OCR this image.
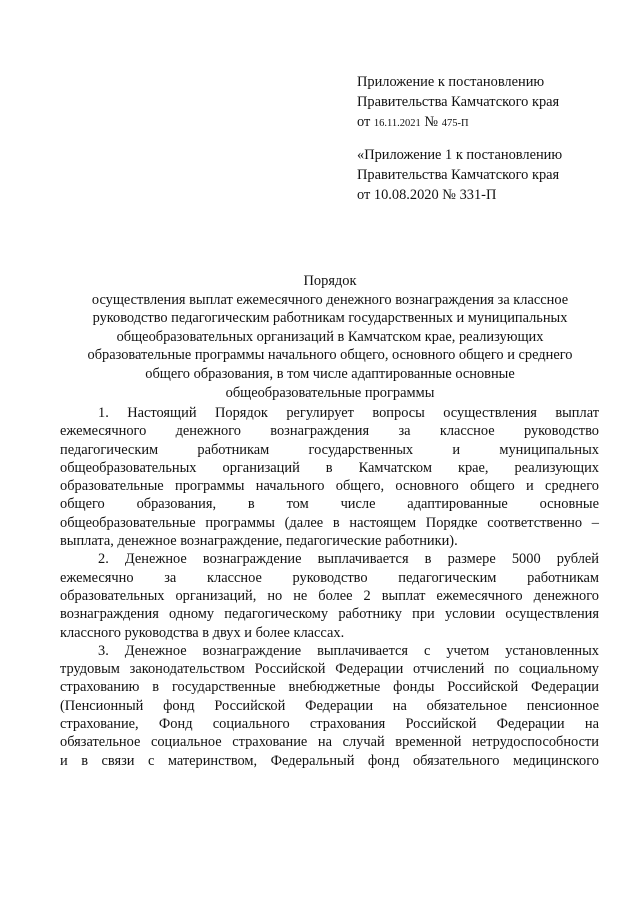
Приложение к постановлению
Правительства Камчатского края
от 16.11.2021 № 475-П
«Приложение 1 к постановлению
Правительства Камчатского края
от 10.08.2020 № 331-П
Порядок
осуществления выплат ежемесячного денежного вознаграждения за классное
руководство педагогическим работникам государственных и муниципальных
общеобразовательных организаций в Камчатском крае, реализующих
образовательные программы начального общего, основного общего и среднего
общего образования, в том числе адаптированные основные
общеобразовательные программы
1. Настоящий Порядок регулирует вопросы осуществления выплат
ежемесячного денежного вознаграждения за классное руководство
педагогическим работникам государственных и муниципальных
общеобразовательных организаций в Камчатском крае, реализующих
образовательные программы начального общего, основного общего и среднего
общего образования, в том числе адаптированные основные
общеобразовательные программы (далее в настоящем Порядке соответственно –
выплата, денежное вознаграждение, педагогические работники).
2. Денежное вознаграждение выплачивается в размере 5000 рублей
ежемесячно за классное руководство педагогическим работникам
образовательных организаций, но не более 2 выплат ежемесячного денежного
вознаграждения одному педагогическому работнику при условии осуществления
классного руководства в двух и более классах.
3. Денежное вознаграждение выплачивается с учетом установленных
трудовым законодательством Российской Федерации отчислений по социальному
страхованию в государственные внебюджетные фонды Российской Федерации
(Пенсионный фонд Российской Федерации на обязательное пенсионное
страхование, Фонд социального страхования Российской Федерации на
обязательное социальное страхование на случай временной нетрудоспособности
и в связи с материнством, Федеральный фонд обязательного медицинского
